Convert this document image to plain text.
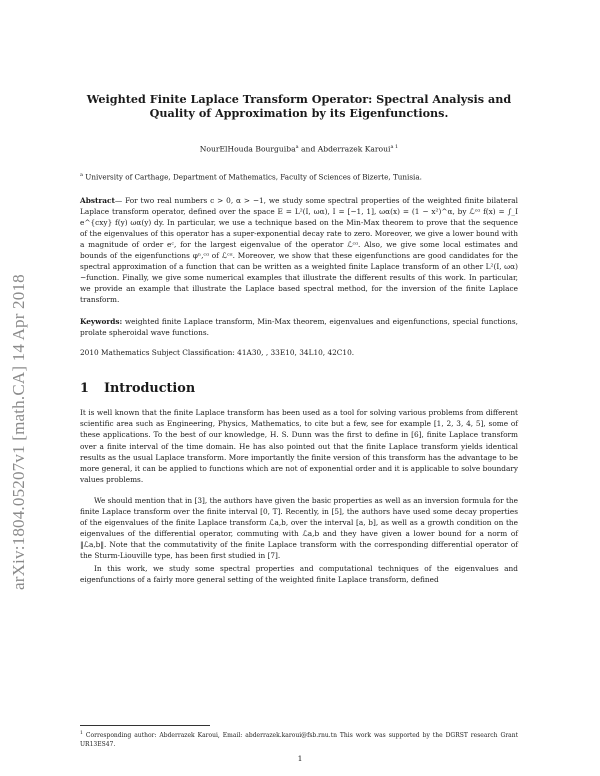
arXiv:1804.05207v1 [math.CA] 14 Apr 2018
Weighted Finite Laplace Transform Operator: Spectral Analysis and
Quality of Approximation by its Eigenfunctions.
NourElHouda Bourguiba$^a$ and Abderrazek Karoui$^{a 1}$
$^a$ University of Carthage, Department of Mathematics, Faculty of Sciences of Bizerte, Tunisia.
Abstract— For two real numbers c > 0, α > −1, we study some spectral properties of the weighted finite bilateral Laplace transform operator, defined over the space E = L²(I, ωα), I = [−1, 1], ωα(x) = (1 − x²)^α, by ℒᶜᵅ f(x) = ∫_I e^{cxy} f(y) ωα(y) dy. In particular, we use a technique based on the Min-Max theorem to prove that the sequence of the eigenvalues of this operator has a super-exponential decay rate to zero. Moreover, we give a lower bound with a magnitude of order eᶜ, for the largest eigenvalue of the operator ℒᶜᵅ. Also, we give some local estimates and bounds of the eigenfunctions φⁿ,ᶜᵅ of ℒᶜᵅ. Moreover, we show that these eigenfunctions are good candidates for the spectral approximation of a function that can be written as a weighted finite Laplace transform of an other L²(I, ωα)−function. Finally, we give some numerical examples that illustrate the different results of this work. In particular, we provide an example that illustrate the Laplace based spectral method, for the inversion of the finite Laplace transform.
Keywords: weighted finite Laplace transform, Min-Max theorem, eigenvalues and eigenfunctions, special functions, prolate spheroidal wave functions.
2010 Mathematics Subject Classification: 41A30, , 33E10, 34L10, 42C10.
1 Introduction
It is well known that the finite Laplace transform has been used as a tool for solving various problems from different scientific area such as Engineering, Physics, Mathematics, to cite but a few, see for example [1, 2, 3, 4, 5], some of these applications. To the best of our knowledge, H. S. Dunn was the first to define in [6], finite Laplace transform over a finite interval of the time domain. He has also pointed out that the finite Laplace transform yields identical results as the usual Laplace transform. More importantly the finite version of this transform has the advantage to be more general, it can be applied to functions which are not of exponential order and it is applicable to solve boundary values problems.
We should mention that in [3], the authors have given the basic properties as well as an inversion formula for the finite Laplace transform over the finite interval [0, T]. Recently, in [5], the authors have used some decay properties of the eigenvalues of the finite Laplace transform ℒa,b, over the interval [a, b], as well as a growth condition on the eigenvalues of the differential operator, commuting with ℒa,b and they have given a lower bound for a norm of ‖ℒa,b‖. Note that the commutativity of the finite Laplace transform with the corresponding differential operator of the Sturm-Liouville type, has been first studied in [7].
In this work, we study some spectral properties and computational techniques of the eigenvalues and eigenfunctions of a fairly more general setting of the weighted finite Laplace transform, defined
$^1$ Corresponding author: Abderrazek Karoui, Email: abderrazek.karoui@fsb.rnu.tn This work was supported by the DGRST research Grant UR13ES47.
1
